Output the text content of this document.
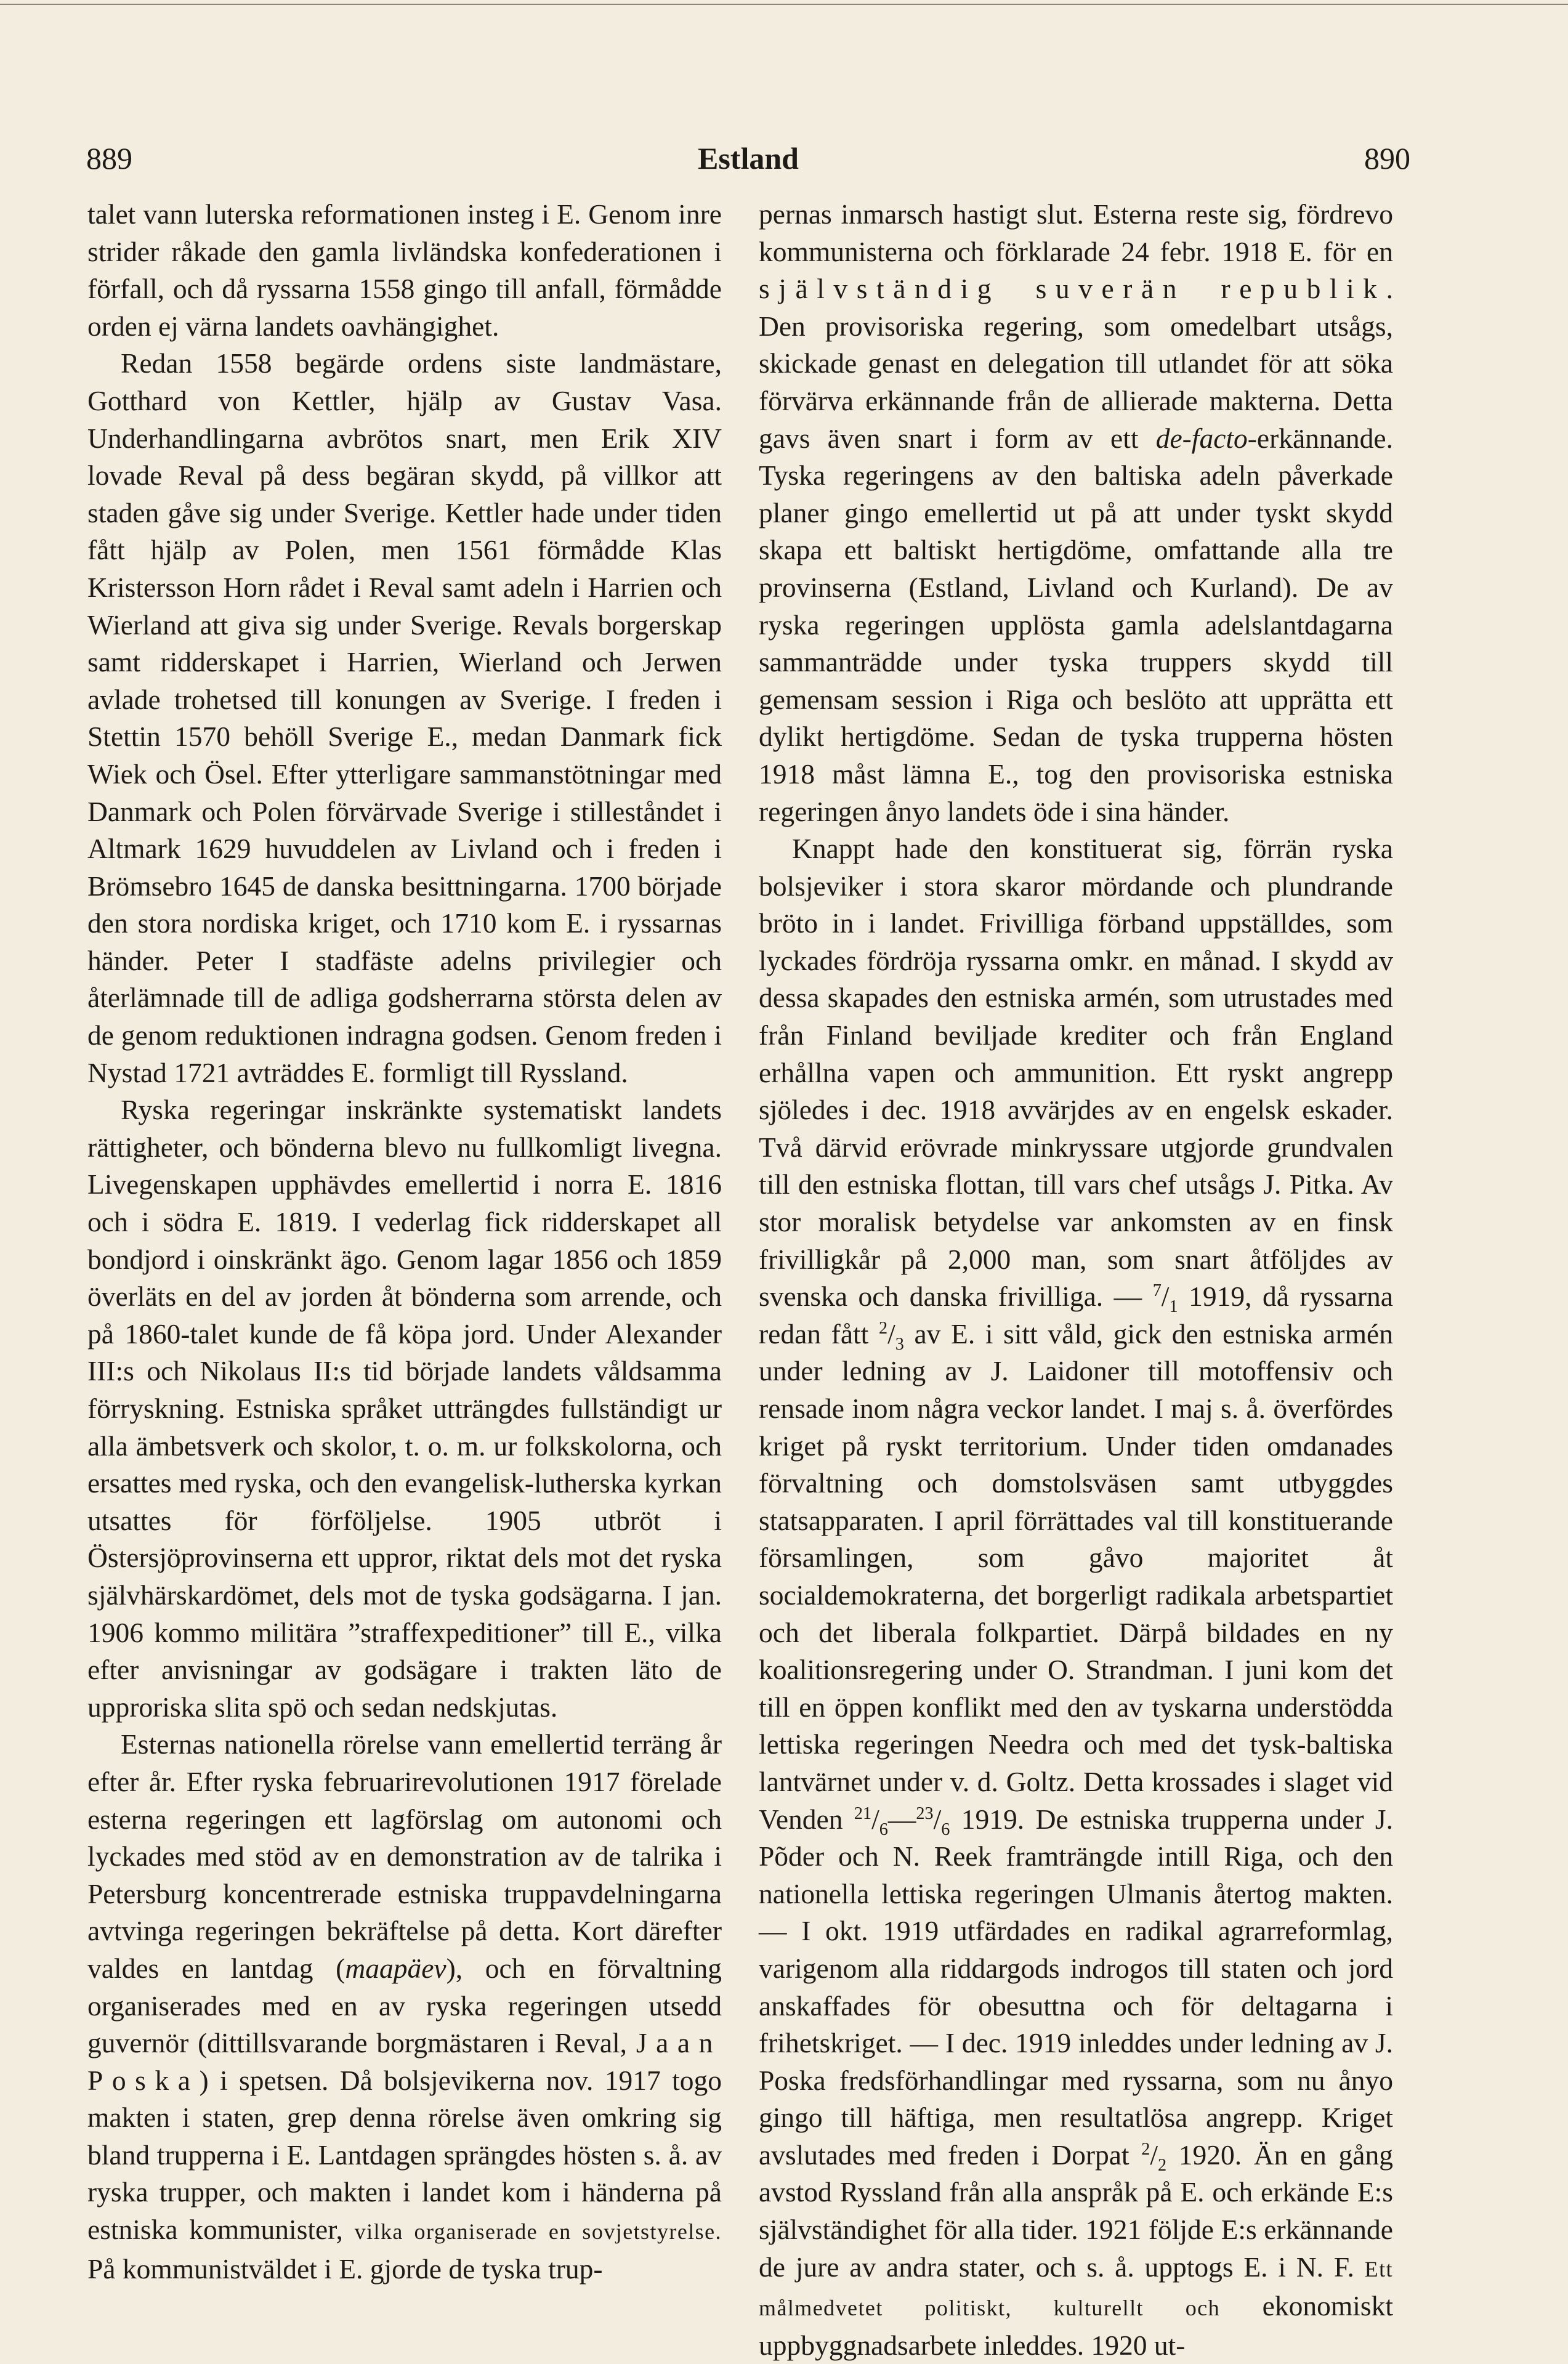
889	Estland	890

talet vann luterska reformationen insteg i E. Genom inre strider råkade den gamla livländska konfederationen i förfall, och då ryssarna 1558 gingo till anfall, förmådde orden ej värna landets oavhängighet.

Redan 1558 begärde ordens siste landmästare, Gotthard von Kettler, hjälp av Gustav Vasa. Underhandlingarna avbrötos snart, men Erik XIV lovade Reval på dess begäran skydd, på villkor att staden gåve sig under Sverige. Kettler hade under tiden fått hjälp av Polen, men 1561 förmådde Klas Kristersson Horn rådet i Reval samt adeln i Harrien och Wierland att giva sig under Sverige. Revals borgerskap samt ridderskapet i Harrien, Wierland och Jerwen avlade trohetsed till konungen av Sverige. I freden i Stettin 1570 behöll Sverige E., medan Danmark fick Wiek och Ösel. Efter ytterligare sammanstötningar med Danmark och Polen förvärvade Sverige i stilleståndet i Altmark 1629 huvuddelen av Livland och i freden i Brömsebro 1645 de danska besittningarna. 1700 började den stora nordiska kriget, och 1710 kom E. i ryssarnas händer. Peter I stadfäste adelns privilegier och återlämnade till de adliga godsherrarna största delen av de genom reduktionen indragna godsen. Genom freden i Nystad 1721 avträddes E. formligt till Ryssland.

Ryska regeringar inskränkte systematiskt landets rättigheter, och bönderna blevo nu fullkomligt livegna. Livegenskapen upphävdes emellertid i norra E. 1816 och i södra E. 1819. I vederlag fick ridderskapet all bondjord i oinskränkt ägo. Genom lagar 1856 och 1859 överläts en del av jorden åt bönderna som arrende, och på 1860-talet kunde de få köpa jord. Under Alexander III:s och Nikolaus II:s tid började landets våldsamma förryskning. Estniska språket utträngdes fullständigt ur alla ämbetsverk och skolor, t. o. m. ur folkskolorna, och ersattes med ryska, och den evangelisk-lutherska kyrkan utsattes för förföljelse. 1905 utbröt i Östersjöprovinserna ett uppror, riktat dels mot det ryska självhärskardömet, dels mot de tyska godsägarna. I jan. 1906 kommo militära ”straffexpeditioner” till E., vilka efter anvisningar av godsägare i trakten läto de upproriska slita spö och sedan nedskjutas.

Esternas nationella rörelse vann emellertid terräng år efter år. Efter ryska februarirevolutionen 1917 förelade esterna regeringen ett lagförslag om autonomi och lyckades med stöd av en demonstration av de talrika i Petersburg koncentrerade estniska truppavdelningarna avtvinga regeringen bekräftelse på detta. Kort därefter valdes en lantdag (maapäev), och en förvaltning organiserades med en av ryska regeringen utsedd guvernör (dittillsvarande borgmästaren i Reval, Jaan Poska) i spetsen. Då bolsjevikerna nov. 1917 togo makten i staten, grep denna rörelse även omkring sig bland trupperna i E. Lantdagen sprängdes hösten s. å. av ryska trupper, och makten i landet kom i händerna på estniska kommunister, vilka organiserade en sovjetstyrelse. På kommunistväldet i E. gjorde de tyska trup-

pernas inmarsch hastigt slut. Esterna reste sig, fördrevo kommunisterna och förklarade 24 febr. 1918 E. för en självständig suverän republik. Den provisoriska regering, som omedelbart utsågs, skickade genast en delegation till utlandet för att söka förvärva erkännande från de allierade makterna. Detta gavs även snart i form av ett de-facto-erkännande. Tyska regeringens av den baltiska adeln påverkade planer gingo emellertid ut på att under tyskt skydd skapa ett baltiskt hertigdöme, omfattande alla tre provinserna (Estland, Livland och Kurland). De av ryska regeringen upplösta gamla adelslantdagarna sammanträdde under tyska truppers skydd till gemensam session i Riga och beslöto att upprätta ett dylikt hertigdöme. Sedan de tyska trupperna hösten 1918 måst lämna E., tog den provisoriska estniska regeringen ånyo landets öde i sina händer.

Knappt hade den konstituerat sig, förrän ryska bolsjeviker i stora skaror mördande och plundrande bröto in i landet. Frivilliga förband uppställdes, som lyckades fördröja ryssarna omkr. en månad. I skydd av dessa skapades den estniska armén, som utrustades med från Finland beviljade krediter och från England erhållna vapen och ammunition. Ett ryskt angrepp sjöledes i dec. 1918 avvärjdes av en engelsk eskader. Två därvid erövrade minkryssare utgjorde grundvalen till den estniska flottan, till vars chef utsågs J. Pitka. Av stor moralisk betydelse var ankomsten av en finsk frivilligkår på 2,000 man, som snart åtföljdes av svenska och danska frivilliga. — $^7/_1$ 1919, då ryssarna redan fått $^2/_3$ av E. i sitt våld, gick den estniska armén under ledning av J. Laidoner till motoffensiv och rensade inom några veckor landet. I maj s. å. överfördes kriget på ryskt territorium. Under tiden omdanades förvaltning och domstolsväsen samt utbyggdes statsapparaten. I april förrättades val till konstituerande församlingen, som gåvo majoritet åt socialdemokraterna, det borgerligt radikala arbetspartiet och det liberala folkpartiet. Därpå bildades en ny koalitionsregering under O. Strandman. I juni kom det till en öppen konflikt med den av tyskarna understödda lettiska regeringen Needra och med det tysk-baltiska lantvärnet under v. d. Goltz. Detta krossades i slaget vid Venden $^{21}/_6—^{23}/_6$ 1919. De estniska trupperna under J. Põder och N. Reek framträngde intill Riga, och den nationella lettiska regeringen Ulmanis återtog makten. — I okt. 1919 utfärdades en radikal agrarreformlag, varigenom alla riddargods indrogos till staten och jord anskaffades för obesuttna och för deltagarna i frihetskriget. — I dec. 1919 inleddes under ledning av J. Poska fredsförhandlingar med ryssarna, som nu ånyo gingo till häftiga, men resultatlösa angrepp. Kriget avslutades med freden i Dorpat $^2/_2$ 1920. Än en gång avstod Ryssland från alla anspråk på E. och erkände E:s självständighet för alla tider. 1921 följde E:s erkännande de jure av andra stater, och s. å. upptogs E. i N. F. Ett målmedvetet politiskt, kulturellt och ekonomiskt uppbyggnadsarbete inleddes. 1920 ut-
